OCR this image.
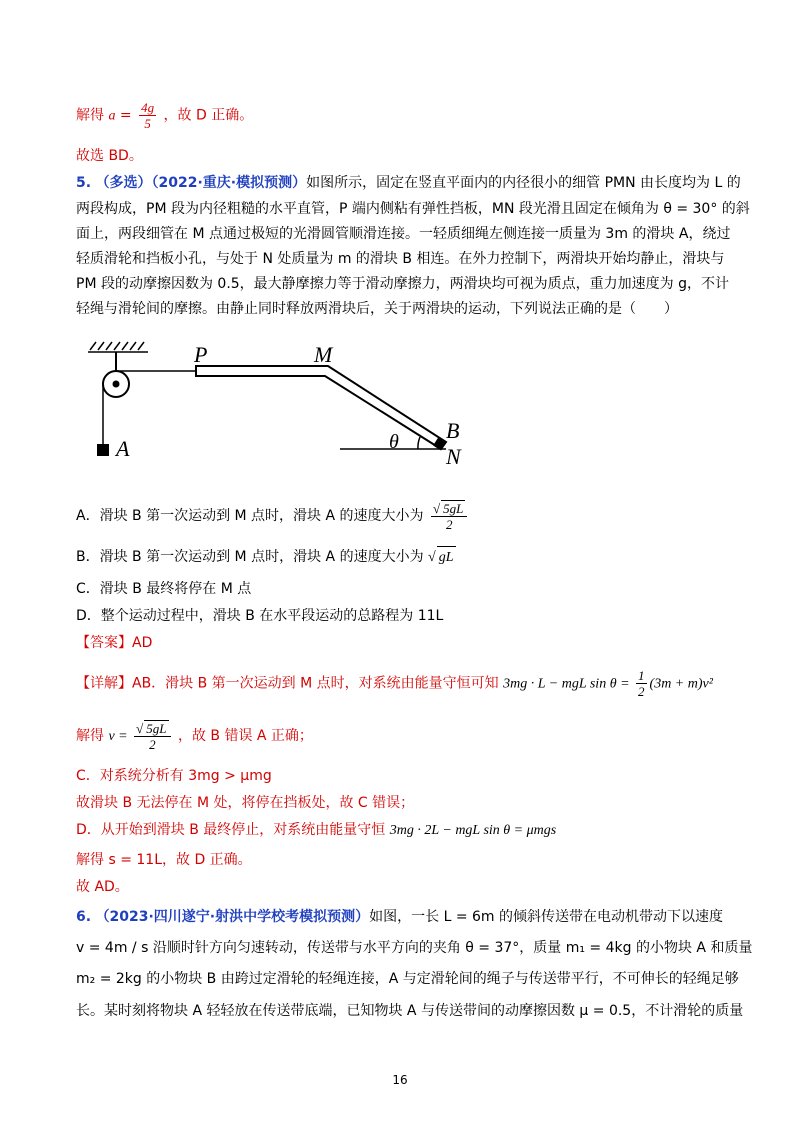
解得 $a = \frac{4g}{5}$ ，故 D 正确。
故选 BD。
5. （多选）（2022·重庆·模拟预测）如图所示，固定在竖直平面内的内径很小的细管 PMN 由长度均为 L 的
两段构成，PM 段为内径粗糙的水平直管，P 端内侧粘有弹性挡板，MN 段光滑且固定在倾角为 θ = 30° 的斜
面上，两段细管在 M 点通过极短的光滑圆管顺滑连接。一轻质细绳左侧连接一质量为 3m 的滑块 A，绕过
轻质滑轮和挡板小孔，与处于 N 处质量为 m 的滑块 B 相连。在外力控制下，两滑块开始均静止，滑块与
PM 段的动摩擦因数为 0.5，最大静摩擦力等于滑动摩擦力，两滑块均可视为质点，重力加速度为 g，不计
轻绳与滑轮间的摩擦。由静止同时释放两滑块后，关于两滑块的运动，下列说法正确的是（　　）
A
P	M
B
N
θ
A．滑块 B 第一次运动到 M 点时，滑块 A 的速度大小为 $\frac{√ 5gL}{2}$
B．滑块 B 第一次运动到 M 点时，滑块 A 的速度大小为 √ gL
C．滑块 B 最终将停在 M 点
D．整个运动过程中，滑块 B 在水平段运动的总路程为 11L
【答案】AD
【详解】AB．滑块 B 第一次运动到 M 点时，对系统由能量守恒可知 3mg · L − mgL $\sin \theta = \frac{1}{2} (3m + m)v^2$
解得 $v = \frac{√ 5gL}{2}$ ，故 B 错误 A 正确；
C．对系统分析有 3mg > μmg
故滑块 B 无法停在 M 处，将停在挡板处，故 C 错误；
D．从开始到滑块 B 最终停止，对系统由能量守恒 3mg · 2L − mgL sin θ = μmgs
解得 s = 11L，故 D 正确。
故 AD。
6. （2023·四川遂宁·射洪中学校考模拟预测）如图，一长 L = 6m 的倾斜传送带在电动机带动下以速度
v = 4m / s 沿顺时针方向匀速转动，传送带与水平方向的夹角 θ = 37°，质量 m₁ = 4kg 的小物块 A 和质量
m₂ = 2kg 的小物块 B 由跨过定滑轮的轻绳连接，A 与定滑轮间的绳子与传送带平行，不可伸长的轻绳足够
长。某时刻将物块 A 轻轻放在传送带底端，已知物块 A 与传送带间的动摩擦因数 μ = 0.5，不计滑轮的质量
16
